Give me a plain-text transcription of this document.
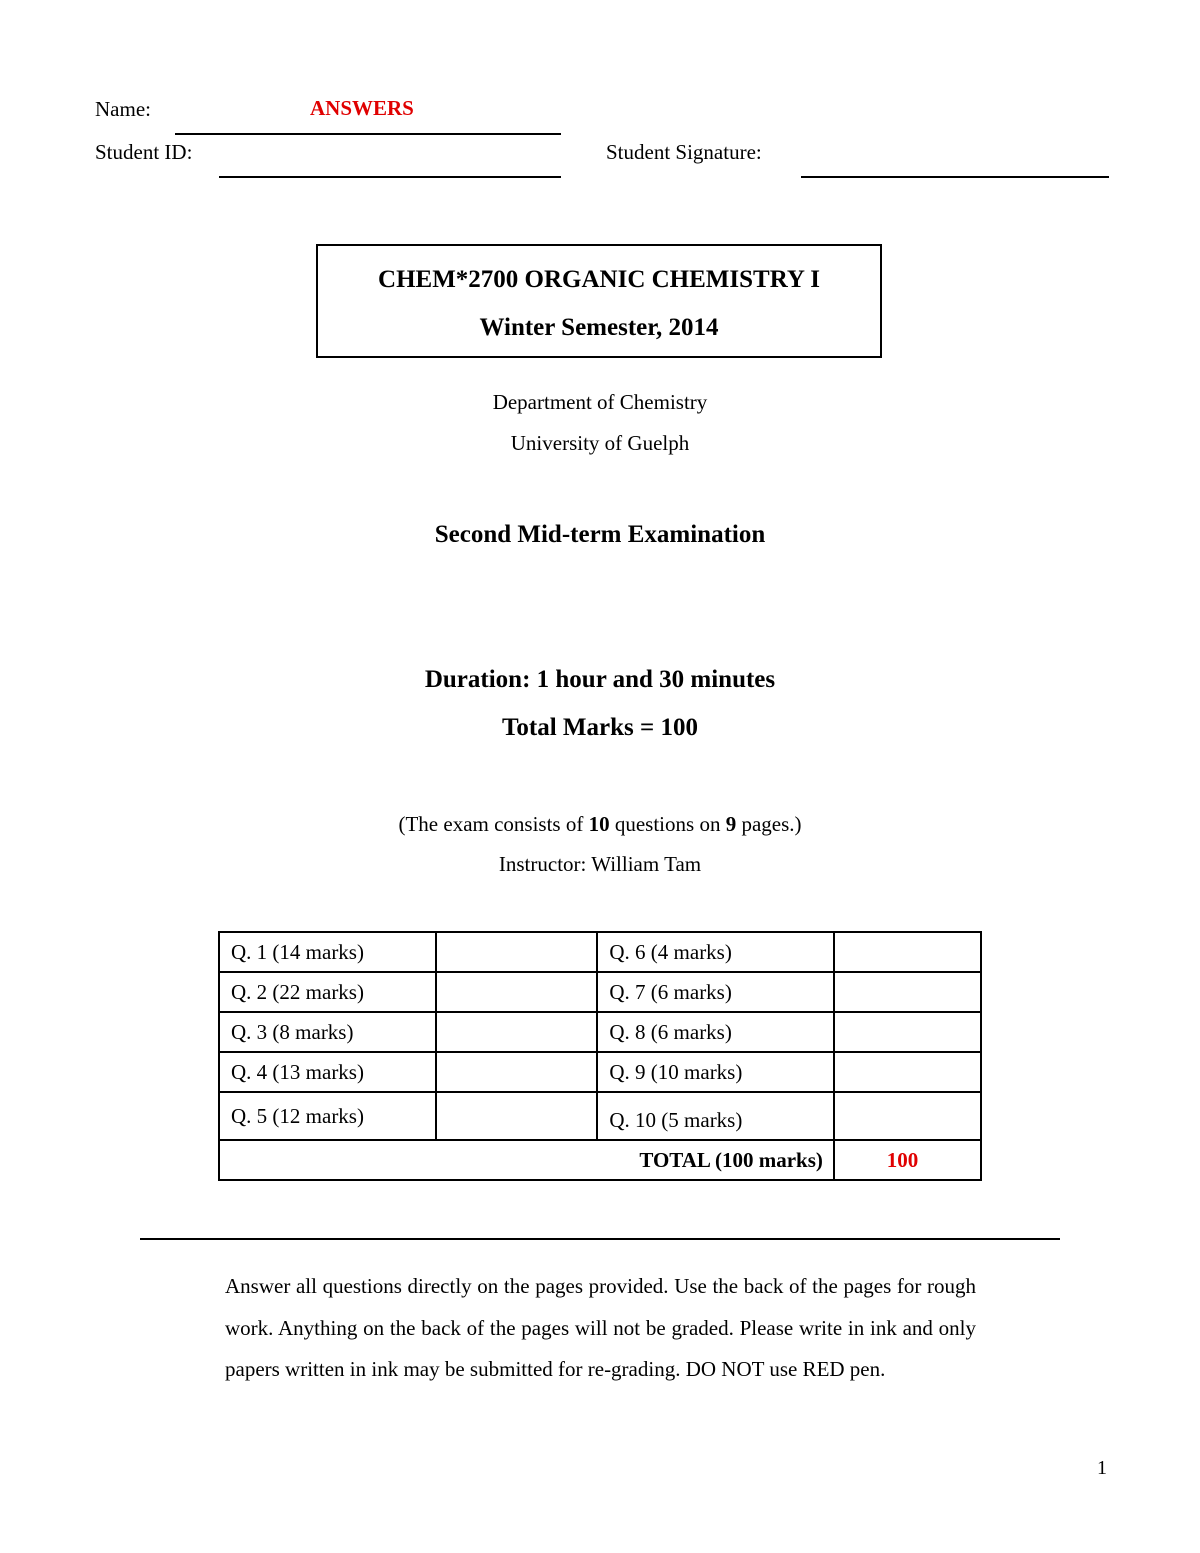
Name:	ANSWERS
Student ID:	Student Signature:
CHEM*2700 ORGANIC CHEMISTRY I
Winter Semester, 2014
Department of Chemistry
University of Guelph
Second Mid-term Examination
Duration: 1 hour and 30 minutes
Total Marks = 100
(The exam consists of 10 questions on 9 pages.)
Instructor: William Tam
Q. 1 (14 marks)		Q. 6 (4 marks)	
Q. 2 (22 marks)		Q. 7 (6 marks)	
Q. 3 (8 marks)		Q. 8 (6 marks)	
Q. 4 (13 marks)		Q. 9 (10 marks)	
Q. 5 (12 marks)		Q. 10 (5 marks)	
TOTAL (100 marks)			100
Answer all questions directly on the pages provided. Use the back of the pages for rough work. Anything on the back of the pages will not be graded. Please write in ink and only papers written in ink may be submitted for re-grading. DO NOT use RED pen.
1
